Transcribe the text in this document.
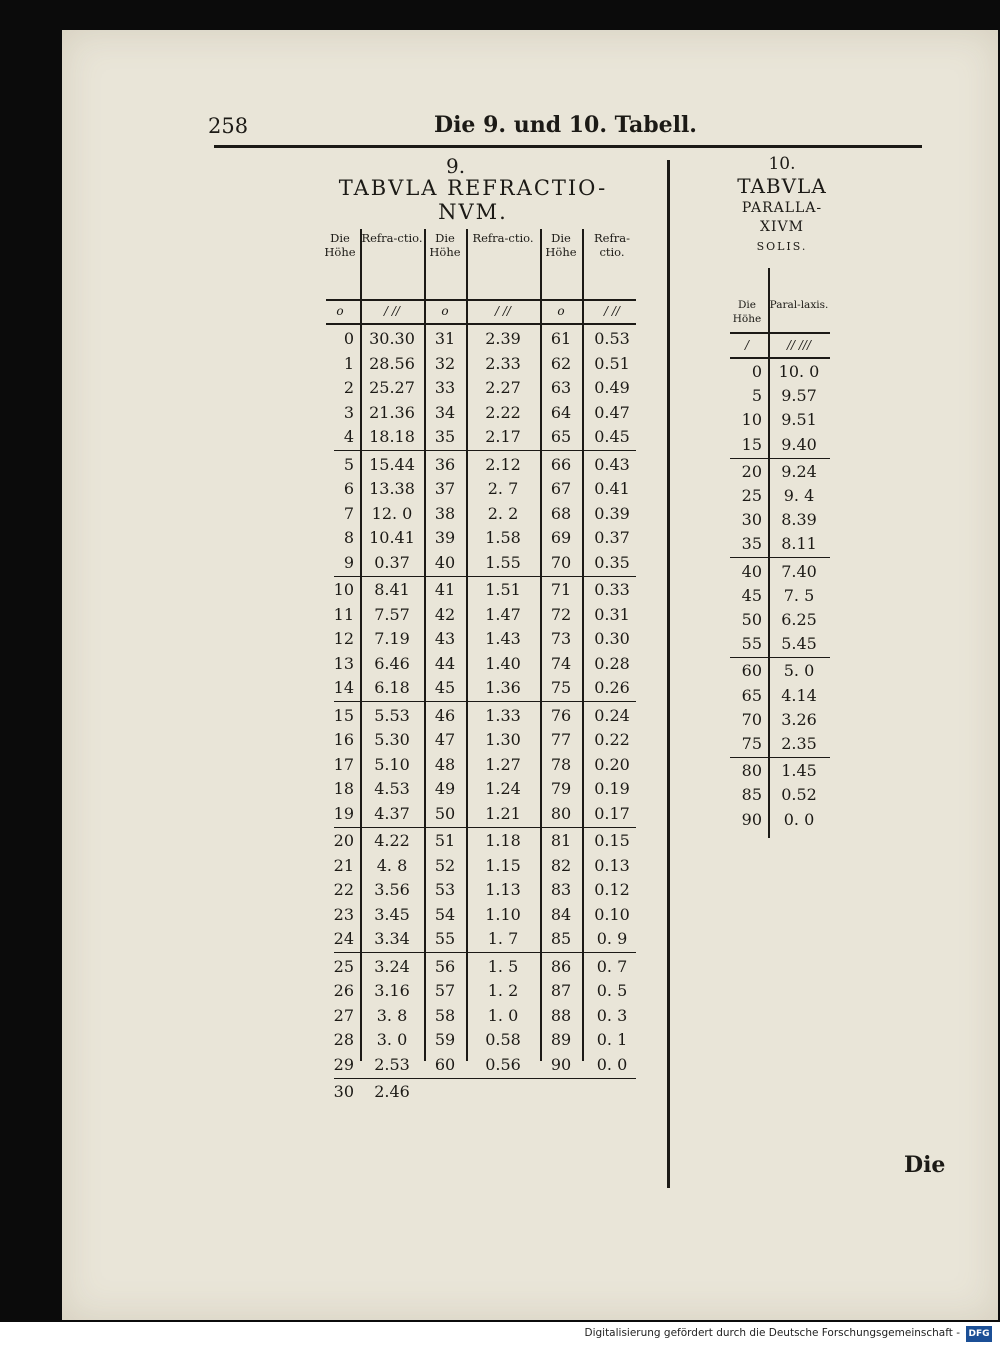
258	Die 9. und 10. Tabell.
9.
TABVLA REFRACTIO-
NVM.
10.
TABVLA
PARALLA-
XIVM
SOLIS.
Die Höhe
Refra-ctio.	Die Höhe
Refra-ctio.	Die Höhe
Refra-ctio.
o	/ //	o	/ //	o	/ //
0 30.30	31	2.39	61	0.53
1 28.56	32	2.33	62	0.51
2 25.27	33	2.27	63	0.49
3 21.36	34	2.22	64	0.47
4 18.18	35	2.17	65	0.45
5 15.44	36	2.12	66	0.43
6 13.38	37	2. 7	67	0.41
7	12. 0	38	2. 2	68	0.39
8 10.41	39	1.58	69	0.37
9	0.37	40	1.55	70	0.35
10	8.41	41	1.51	71	0.33
11	7.57	42	1.47	72	0.31
12	7.19	43	1.43	73	0.30
13	6.46	44	1.40	74	0.28
14	6.18	45	1.36	75	0.26
15	5.53	46	1.33	76	0.24
16	5.30	47	1.30	77	0.22
17	5.10	48	1.27	78	0.20
18	4.53	49	1.24	79	0.19
19	4.37	50	1.21	80	0.17
20	4.22	51	1.18	81	0.15
21	4. 8	52	1.15	82	0.13
22	3.56	53	1.13	83	0.12
23	3.45	54	1.10	84	0.10
24	3.34	55	1. 7	85	0. 9
25	3.24	56	1. 5	86	0. 7
26	3.16	57	1. 2	87	0. 5
27	3. 8	58	1. 0	88	0. 3
28	3. 0	59	0.58	89	0. 1
29	2.53	60	0.56	90	0. 0
30	2.46
Die Höhe
Paral-laxis.
/	// ///
0	10. 0
5	9.57
10	9.51
15	9.40
20	9.24
25	9. 4
30	8.39
35	8.11
40	7.40
45	7. 5
50	6.25
55	5.45
60	5. 0
65	4.14
70	3.26
75	2.35
80	1.45
85	0.52
90	0. 0
Die
Digitalisierung gefördert durch die Deutsche Forschungsgemeinschaft - DFG
